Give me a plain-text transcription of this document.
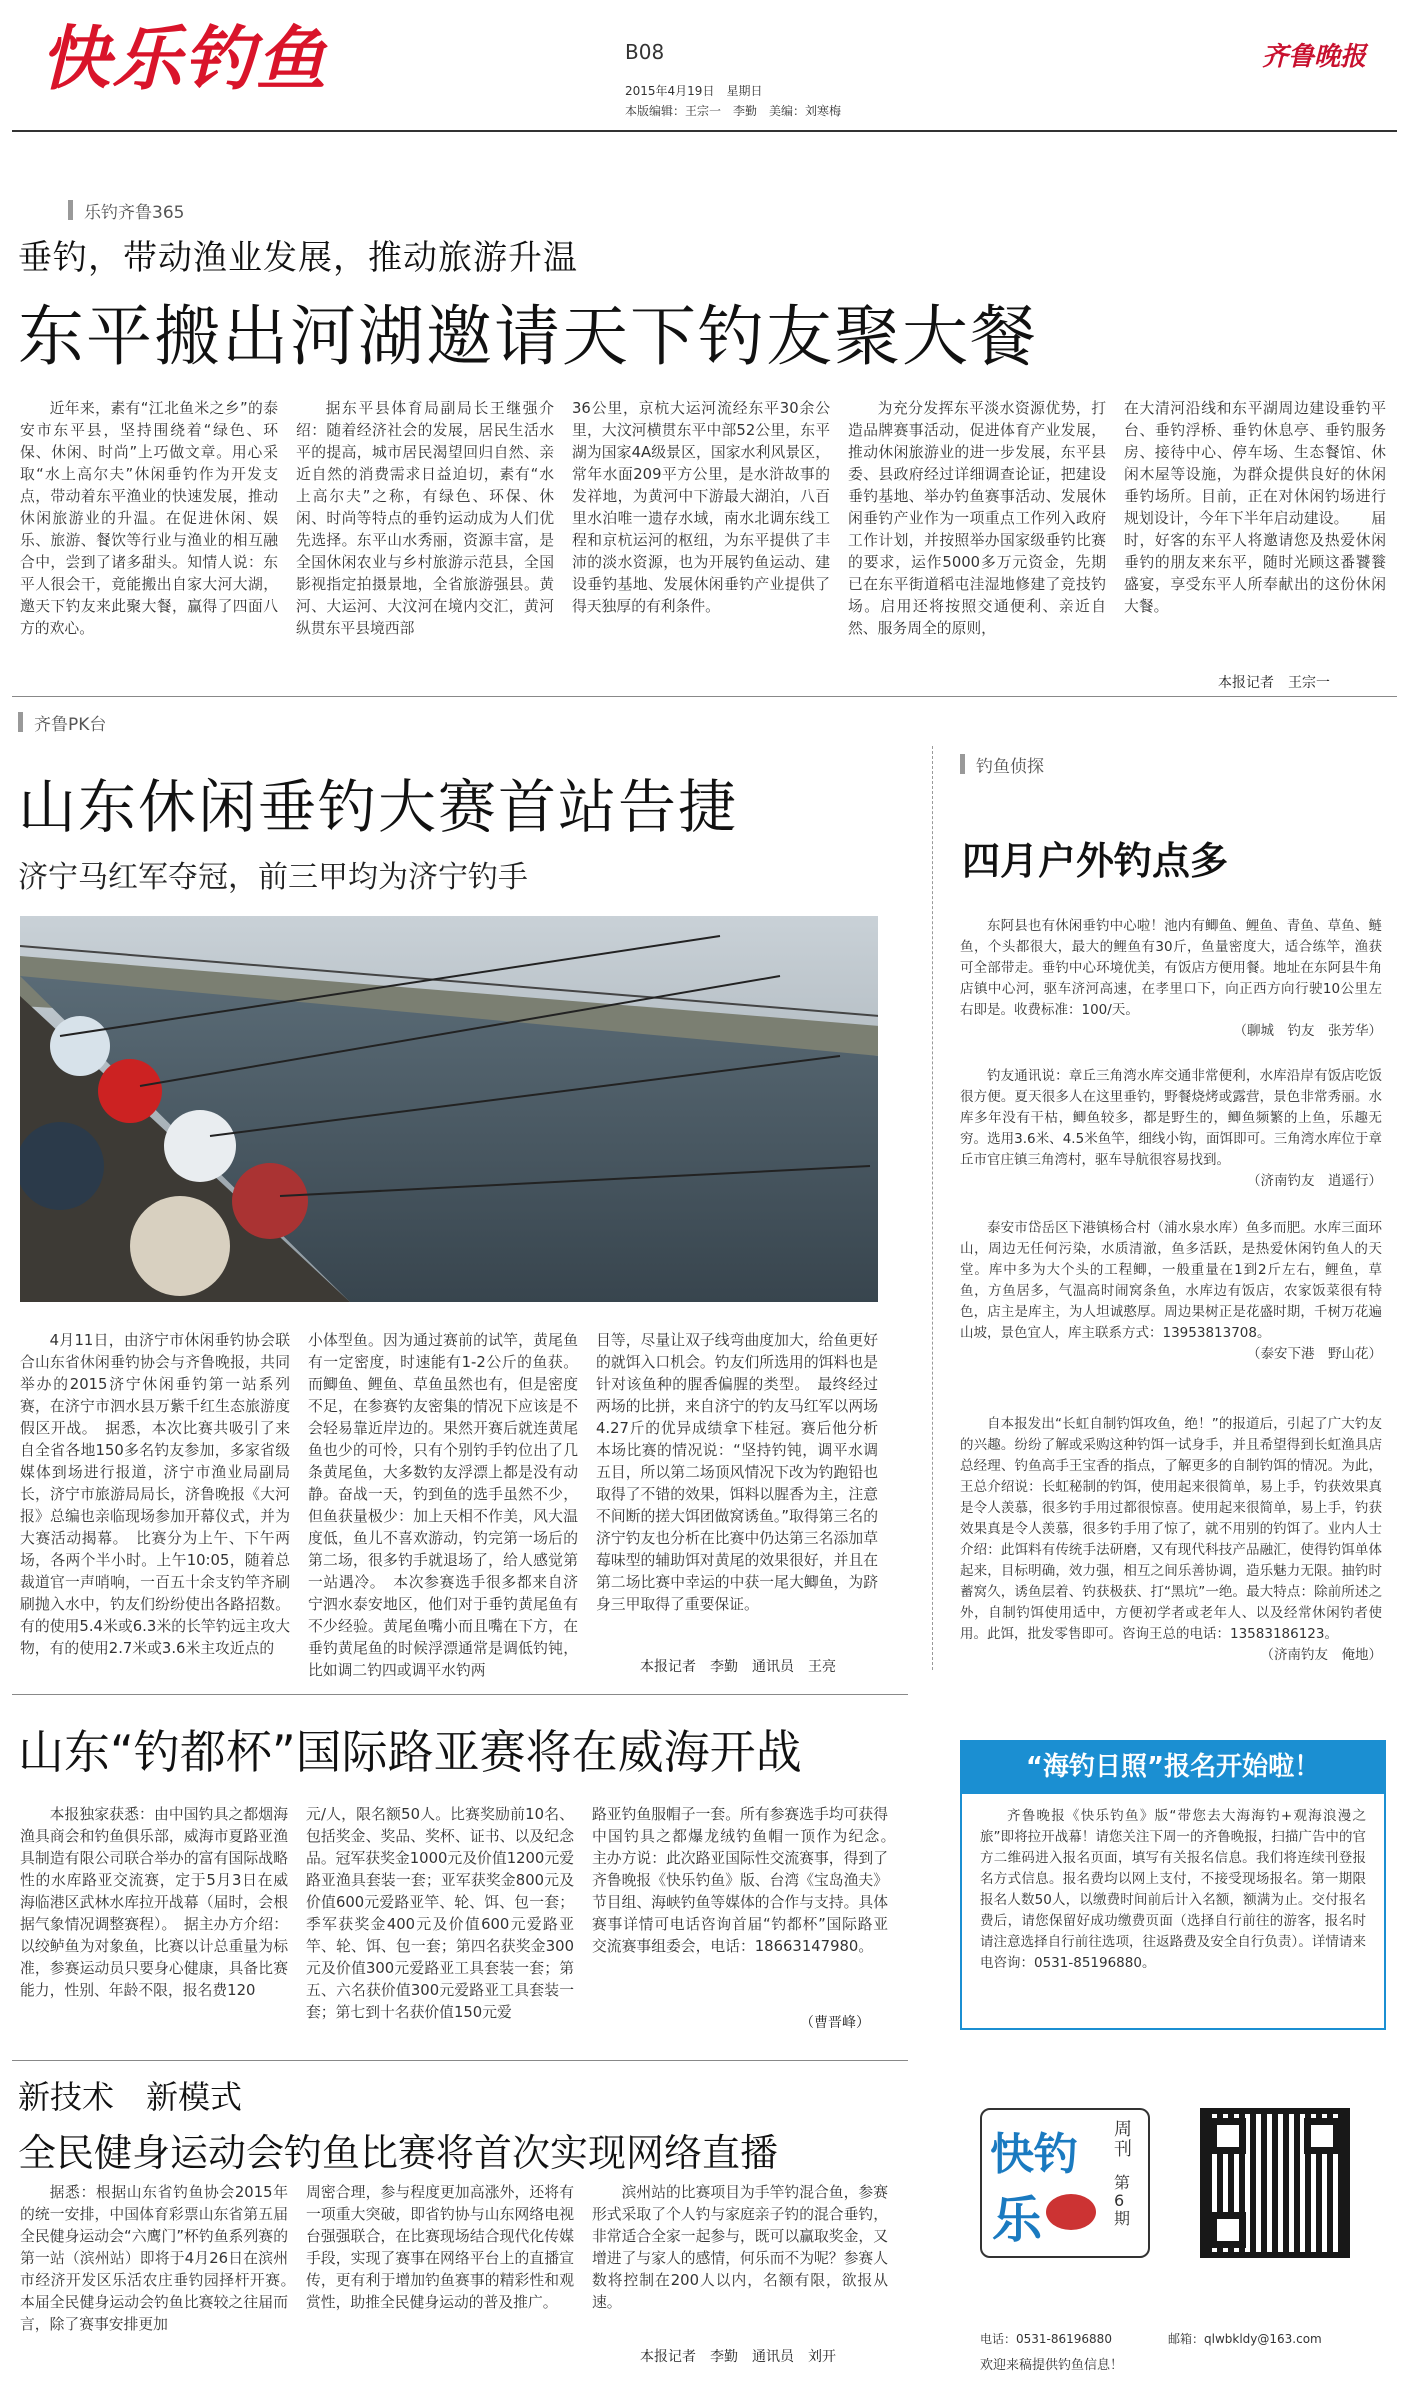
快乐钓鱼	B08
2015年4月19日　星期日
本版编辑：王宗一　李勤　美编：刘寒梅
齐鲁晚报
乐钓齐鲁365
垂钓，带动渔业发展，推动旅游升温
东平搬出河湖邀请天下钓友聚大餐

近年来，素有“江北鱼米之乡”的泰安市东平县，坚持围绕着“绿色、环保、休闲、时尚”上巧做文章。用心采取“水上高尔夫”休闲垂钓作为开发支点，带动着东平渔业的快速发展，推动休闲旅游业的升温。在促进休闲、娱乐、旅游、餐饮等行业与渔业的相互融合中，尝到了诸多甜头。知情人说：东平人很会干，竟能搬出自家大河大湖，邀天下钓友来此聚大餐，赢得了四面八方的欢心。

据东平县体育局副局长王继强介绍：随着经济社会的发展，居民生活水平的提高，城市居民渴望回归自然、亲近自然的消费需求日益迫切，素有“水上高尔夫”之称，有绿色、环保、休闲、时尚等特点的垂钓运动成为人们优先选择。东平山水秀丽，资源丰富，是全国休闲农业与乡村旅游示范县，全国影视指定拍摄景地，全省旅游强县。黄河、大运河、大汶河在境内交汇，黄河纵贯东平县境西部

36公里，京杭大运河流经东平30余公里，大汶河横贯东平中部52公里，东平湖为国家4A级景区，国家水利风景区，常年水面209平方公里，是水浒故事的发祥地，为黄河中下游最大湖泊，八百里水泊唯一遗存水域，南水北调东线工程和京杭运河的枢纽，为东平提供了丰沛的淡水资源，也为开展钓鱼运动、建设垂钓基地、发展休闲垂钓产业提供了得天独厚的有利条件。

为充分发挥东平淡水资源优势，打造品牌赛事活动，促进体育产业发展，推动休闲旅游业的进一步发展，东平县委、县政府经过详细调查论证，把建设垂钓基地、举办钓鱼赛事活动、发展休闲垂钓产业作为一项重点工作列入政府工作计划，并按照举办国家级垂钓比赛的要求，运作5000多万元资金，先期已在东平街道稻屯洼湿地修建了竞技钓场。启用还将按照交通便利、亲近自然、服务周全的原则，

在大清河沿线和东平湖周边建设垂钓平台、垂钓浮桥、垂钓休息亭、垂钓服务房、接待中心、停车场、生态餐馆、休闲木屋等设施，为群众提供良好的休闲垂钓场所。目前，正在对休闲钓场进行规划设计，今年下半年启动建设。　　届时，好客的东平人将邀请您及热爱休闲垂钓的朋友来东平，随时光顾这番饕餮盛宴，享受东平人所奉献出的这份休闲大餐。

本报记者　王宗一
齐鲁PK台
山东休闲垂钓大赛首站告捷
济宁马红军夺冠，前三甲均为济宁钓手

4月11日，由济宁市休闲垂钓协会联合山东省休闲垂钓协会与齐鲁晚报，共同举办的2015济宁休闲垂钓第一站系列赛，在济宁市泗水县万紫千红生态旅游度假区开战。　据悉，本次比赛共吸引了来自全省各地150多名钓友参加，多家省级媒体到场进行报道，济宁市渔业局副局长，济宁市旅游局局长，济鲁晚报《大河报》总编也亲临现场参加开幕仪式，并为大赛活动揭幕。　比赛分为上午、下午两场，各两个半小时。上午10:05，随着总裁道官一声哨响，一百五十余支钓竿齐刷刷抛入水中，钓友们纷纷使出各路招数。有的使用5.4米或6.3米的长竿钓远主攻大物，有的使用2.7米或3.6米主攻近点的

小体型鱼。因为通过赛前的试竿，黄尾鱼有一定密度，时速能有1-2公斤的鱼获。而鲫鱼、鲤鱼、草鱼虽然也有，但是密度不足，在参赛钓友密集的情况下应该是不会轻易靠近岸边的。果然开赛后就连黄尾鱼也少的可怜，只有个别钓手钓位出了几条黄尾鱼，大多数钓友浮漂上都是没有动静。奋战一天，钓到鱼的选手虽然不少，但鱼获量极少：加上天相不作美，风大温度低，鱼儿不喜欢游动，钓完第一场后的第二场，很多钓手就退场了，给人感觉第一站遇冷。　本次参赛选手很多都来自济宁泗水泰安地区，他们对于垂钓黄尾鱼有不少经验。黄尾鱼嘴小而且嘴在下方，在垂钓黄尾鱼的时候浮漂通常是调低钓钝，比如调二钓四或调平水钓两

目等，尽量让双子线弯曲度加大，给鱼更好的就饵入口机会。钓友们所选用的饵料也是针对该鱼种的腥香偏腥的类型。　最终经过两场的比拼，来自济宁的钓友马红军以两场4.27斤的优异成绩拿下桂冠。赛后他分析本场比赛的情况说：“坚持钓钝，调平水调五目，所以第二场顶风情况下改为钓跑铅也取得了不错的效果，饵料以腥香为主，注意不间断的搓大饵团做窝诱鱼。”取得第三名的济宁钓友也分析在比赛中仍达第三名添加草莓味型的辅助饵对黄尾的效果很好，并且在第二场比赛中幸运的中获一尾大鲫鱼，为跻身三甲取得了重要保证。

本报记者　李勤　通讯员　王亮
钓鱼侦探
四月户外钓点多

东阿县也有休闲垂钓中心啦！池内有鲫鱼、鲤鱼、青鱼、草鱼、鲢鱼，个头都很大，最大的鲤鱼有30斤，鱼量密度大，适合练竿，渔获可全部带走。垂钓中心环境优美，有饭店方便用餐。地址在东阿县牛角店镇中心河，驱车济河高速，在孝里口下，向正西方向行驶10公里左右即是。收费标准：100/天。

（聊城　钓友　张芳华）

钓友通讯说：章丘三角湾水库交通非常便利，水库沿岸有饭店吃饭很方便。夏天很多人在这里垂钓，野餐烧烤或露营，景色非常秀丽。水库多年没有干枯，鲫鱼较多，都是野生的，鲫鱼频繁的上鱼，乐趣无穷。选用3.6米、4.5米鱼竿，细线小钩，面饵即可。三角湾水库位于章丘市官庄镇三角湾村，驱车导航很容易找到。

（济南钓友　逍遥行）

泰安市岱岳区下港镇杨合村（浦水泉水库）鱼多而肥。水库三面环山，周边无任何污染，水质清澈，鱼多活跃，是热爱休闲钓鱼人的天堂。库中多为大个头的工程鲫，一般重量在1到2斤左右，鲤鱼，草鱼，方鱼居多，气温高时闹窝条鱼，水库边有饭店，农家饭菜很有特色，店主是库主，为人坦诚憨厚。周边果树正是花盛时期，千树万花遍山坡，景色宜人，库主联系方式：13953813708。

（泰安下港　野山花）

自本报发出“长虹自制钓饵攻鱼，绝！”的报道后，引起了广大钓友的兴趣。纷纷了解或采购这种钓饵一试身手，并且希望得到长虹渔具店总经理、钓鱼高手王宝香的指点，了解更多的自制钓饵的情况。为此，王总介绍说：长虹秘制的钓饵，使用起来很简单，易上手，钓获效果真是令人羡慕，很多钓手用过都很惊喜。使用起来很简单，易上手，钓获效果真是令人羡慕，很多钓手用了惊了，就不用别的钓饵了。业内人士介绍：此饵料有传统手法研磨，又有现代科技产品融汇，使得钓饵单体起来，目标明确，效力强，相互之间乐善协调，造乐魅力无限。抽钓时蓄窝久，诱鱼层着、钓获极获、打“黑坑”一绝。最大特点：除前所述之外，自制钓饵使用适中，方便初学者或老年人、以及经常休闲钓者使用。此饵，批发零售即可。咨询王总的电话：13583186123。

（济南钓友　俺地）
山东“钓都杯”国际路亚赛将在威海开战

本报独家获悉：由中国钓具之都烟海渔具商会和钓鱼俱乐部，威海市夏路亚渔具制造有限公司联合举办的富有国际战略性的水库路亚交流赛，定于5月3日在威海临港区武林水库拉开战幕（届时，会根据气象情况调整赛程）。　据主办方介绍：以绞鲈鱼为对象鱼，比赛以计总重量为标准，参赛运动员只要身心健康，具备比赛能力，性别、年龄不限，报名费120

元/人，限名额50人。比赛奖励前10名、包括奖金、奖品、奖杯、证书、以及纪念品。冠军获奖金1000元及价值1200元爱路亚渔具套装一套；亚军获奖金800元及价值600元爱路亚竿、轮、饵、包一套；季军获奖金400元及价值600元爱路亚竿、轮、饵、包一套；第四名获奖金300元及价值300元爱路亚工具套装一套；第五、六名获价值300元爱路亚工具套装一套；第七到十名获价值150元爱

路亚钓鱼服帽子一套。所有参赛选手均可获得中国钓具之都爆龙绒钓鱼帽一顶作为纪念。　主办方说：此次路亚国际性交流赛事，得到了齐鲁晚报《快乐钓鱼》版、台湾《宝岛渔夫》节目组、海峡钓鱼等媒体的合作与支持。具体赛事详情可电话咨询首届“钓都杯”国际路亚交流赛事组委会，电话：18663147980。

（曹晋峰）
新技术　新模式
全民健身运动会钓鱼比赛将首次实现网络直播

据悉：根据山东省钓鱼协会2015年的统一安排，中国体育彩票山东省第五届全民健身运动会“六鹰门”杯钓鱼系列赛的第一站（滨州站）即将于4月26日在滨州市经济开发区乐活农庄垂钓园择杆开赛。　本届全民健身运动会钓鱼比赛较之往届而言，除了赛事安排更加

周密合理，参与程度更加高涨外，还将有一项重大突破，即省钓协与山东网络电视台强强联合，在比赛现场结合现代化传媒手段，实现了赛事在网络平台上的直播宣传，更有利于增加钓鱼赛事的精彩性和观赏性，助推全民健身运动的普及推广。

滨州站的比赛项目为手竿钓混合鱼，参赛形式采取了个人钓与家庭亲子钓的混合垂钓，非常适合全家一起参与，既可以赢取奖金，又增进了与家人的感情，何乐而不为呢？参赛人数将控制在200人以内，名额有限，欲报从速。

本报记者　李勤　通讯员　刘开
“海钓日照”报名开始啦！
齐鲁晚报《快乐钓鱼》版“带您去大海海钓+观海浪漫之旅”即将拉开战幕！请您关注下周一的齐鲁晚报，扫描广告中的官方二维码进入报名页面，填写有关报名信息。我们将连续刊登报名方式信息。报名费均以网上支付，不接受现场报名。第一期限报名人数50人，以缴费时间前后计入名额，额满为止。交付报名费后，请您保留好成功缴费页面（选择自行前往的游客，报名时请注意选择自行前往选项，往返路费及安全自行负责）。详情请来电咨询：0531-85196880。
快钓
乐
周刊
第6期
电话：0531-86196880	邮箱：qlwbkldy@163.com
欢迎来稿提供钓鱼信息！
